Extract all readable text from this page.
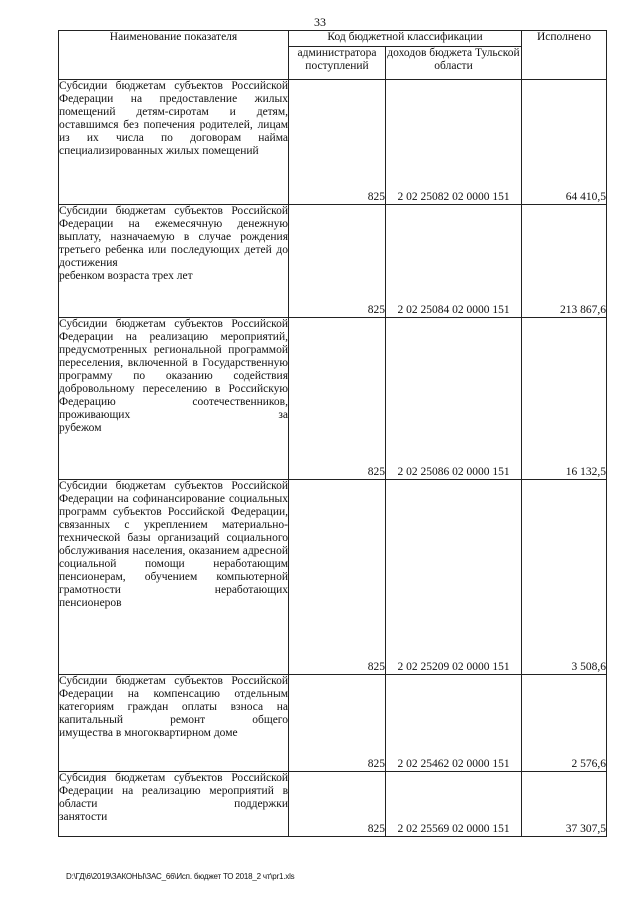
33
Наименование показателя	Код бюджетной классификации		Исполнено
	администратора поступлений	доходов бюджета Тульской области	
Субсидии бюджетам субъектов Российской Федерации на предоставление жилых помещений детям-сиротам и детям, оставшимся без попечения родителей, лицам из их числа по договорам найма
специализированных жилых помещений	825	2 02 25082 02 0000 151	64 410,5
Субсидии бюджетам субъектов Российской Федерации на ежемесячную денежную выплату, назначаемую в случае рождения третьего ребенка или последующих детей до достижения
ребенком возраста трех лет	825	2 02 25084 02 0000 151	213 867,6
Субсидии бюджетам субъектов Российской Федерации на реализацию мероприятий, предусмотренных региональной программой переселения, включенной в Государственную программу по оказанию содействия добровольному переселению в Российскую Федерацию соотечественников, проживающих за
рубежом	825	2 02 25086 02 0000 151	16 132,5
Субсидии бюджетам субъектов Российской Федерации на софинансирование социальных программ субъектов Российской Федерации, связанных с укреплением материально-технической базы организаций социального обслуживания населения, оказанием адресной социальной помощи неработающим пенсионерам, обучением компьютерной грамотности неработающих
пенсионеров	825	2 02 25209 02 0000 151	3 508,6
Субсидии бюджетам субъектов Российской Федерации на компенсацию отдельным категориям граждан оплаты взноса на капитальный ремонт общего
имущества в многоквартирном доме	825	2 02 25462 02 0000 151	2 576,6
Субсидия бюджетам субъектов Российской Федерации на реализацию мероприятий в области поддержки
занятости	825	2 02 25569 02 0000 151	37 307,5
D:\ГД\6\2019\ЗАКОНЫ\ЗАС_66\Исп. бюджет ТО 2018_2 чт\pr1.xls
